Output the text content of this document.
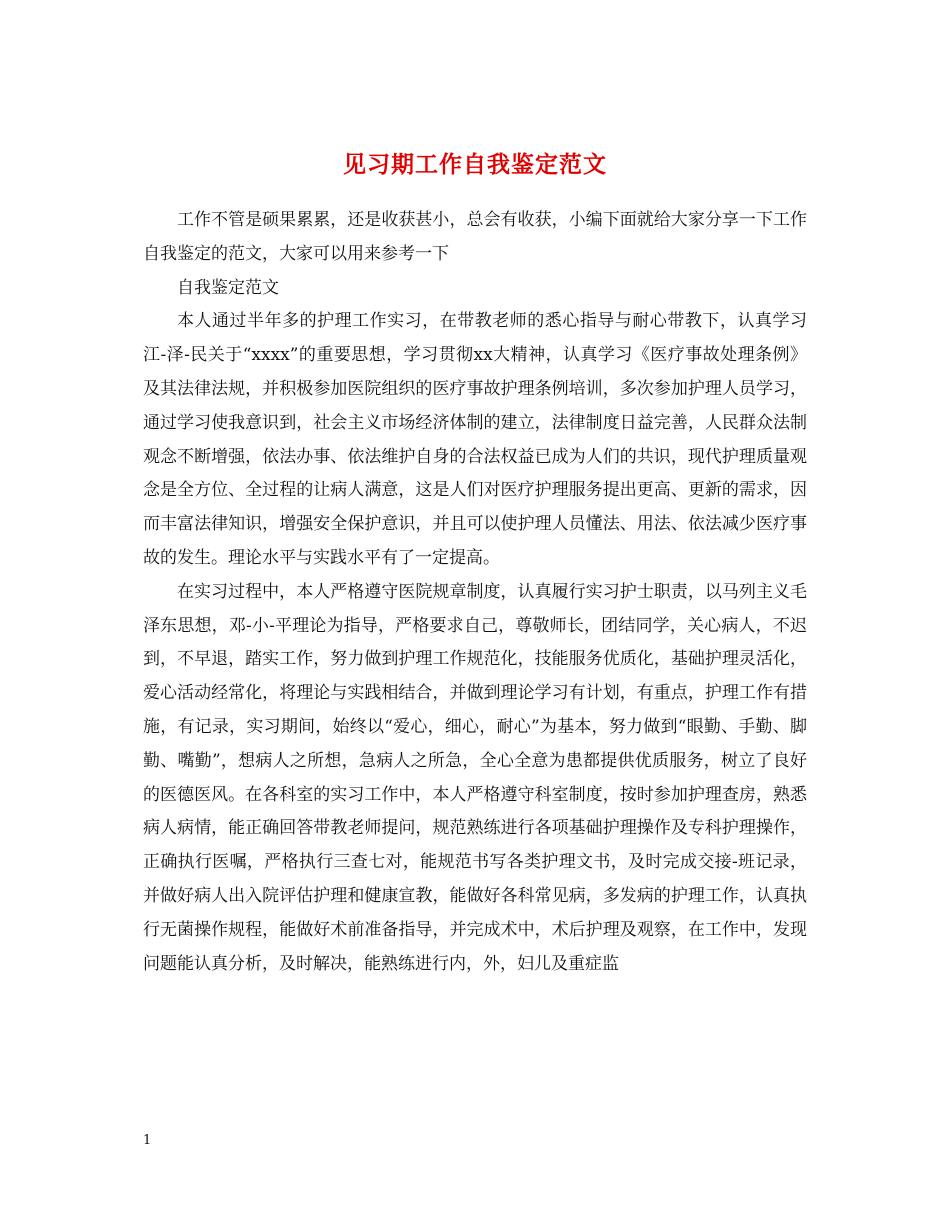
见习期工作自我鉴定范文

工作不管是硕果累累，还是收获甚小，总会有收获，小编下面就给大家分享一下工作自我鉴定的范文，大家可以用来参考一下

自我鉴定范文

本人通过半年多的护理工作实习，在带教老师的悉心指导与耐心带教下，认真学习江-泽-民关于“xxxx”的重要思想，学习贯彻xx大精神，认真学习《医疗事故处理条例》及其法律法规，并积极参加医院组织的医疗事故护理条例培训，多次参加护理人员学习，通过学习使我意识到，社会主义市场经济体制的建立，法律制度日益完善，人民群众法制观念不断增强，依法办事、依法维护自身的合法权益已成为人们的共识，现代护理质量观念是全方位、全过程的让病人满意，这是人们对医疗护理服务提出更高、更新的需求，因而丰富法律知识，增强安全保护意识，并且可以使护理人员懂法、用法、依法减少医疗事故的发生。理论水平与实践水平有了一定提高。

在实习过程中，本人严格遵守医院规章制度，认真履行实习护士职责，以马列主义毛泽东思想，邓-小-平理论为指导，严格要求自己，尊敬师长，团结同学，关心病人，不迟到，不早退，踏实工作，努力做到护理工作规范化，技能服务优质化，基础护理灵活化，爱心活动经常化，将理论与实践相结合，并做到理论学习有计划，有重点，护理工作有措施，有记录，实习期间，始终以“爱心，细心，耐心”为基本，努力做到“眼勤、手勤、脚勤、嘴勤”，想病人之所想，急病人之所急，全心全意为患都提供优质服务，树立了良好的医德医风。在各科室的实习工作中，本人严格遵守科室制度，按时参加护理查房，熟悉病人病情，能正确回答带教老师提问，规范熟练进行各项基础护理操作及专科护理操作，正确执行医嘱，严格执行三查七对，能规范书写各类护理文书，及时完成交接-班记录，并做好病人出入院评估护理和健康宣教，能做好各科常见病，多发病的护理工作，认真执行无菌操作规程，能做好术前准备指导，并完成术中，术后护理及观察，在工作中，发现问题能认真分析，及时解决，能熟练进行内，外，妇儿及重症监

1
